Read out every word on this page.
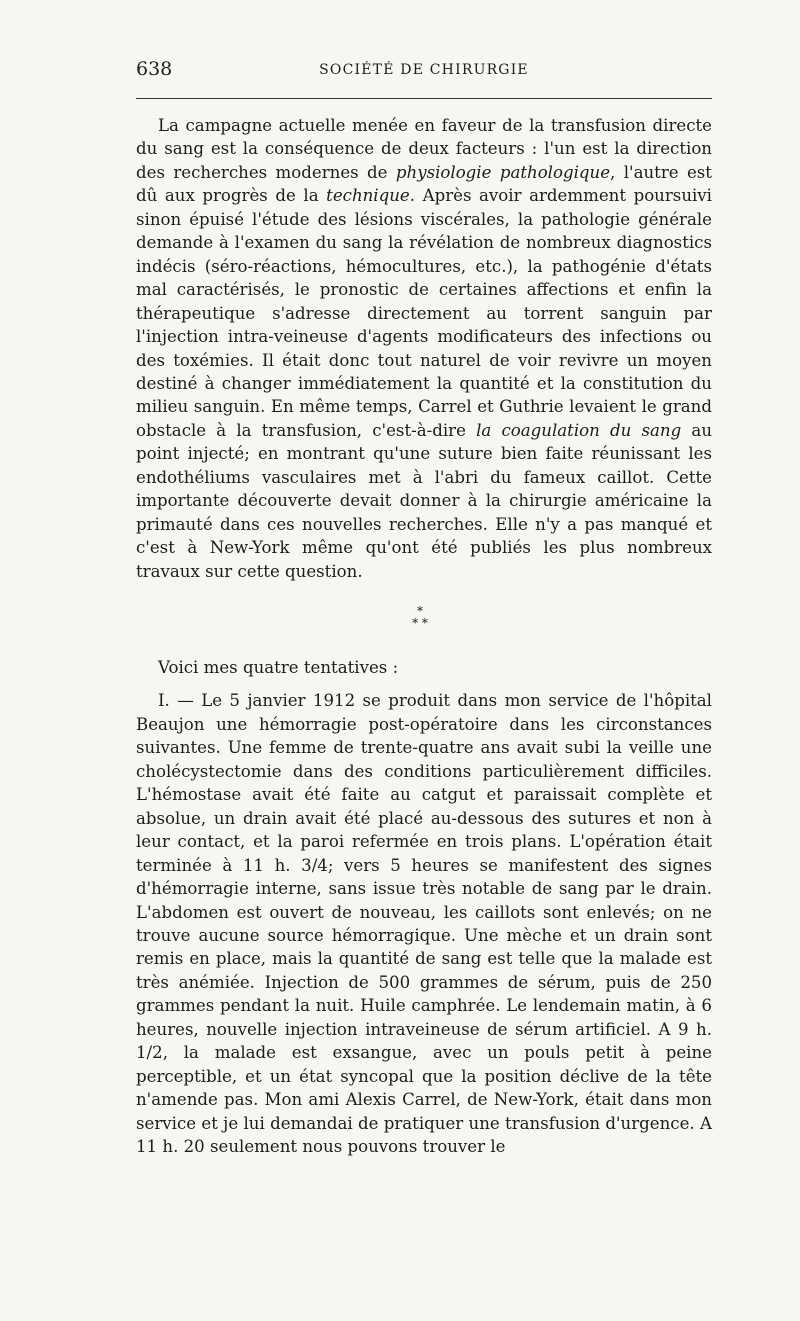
638	SOCIÉTÉ DE CHIRURGIE

La campagne actuelle menée en faveur de la transfusion directe du sang est la conséquence de deux facteurs : l'un est la direction des recherches modernes de physiologie pathologique, l'autre est dû aux progrès de la technique. Après avoir ardemment poursuivi sinon épuisé l'étude des lésions viscérales, la pathologie générale demande à l'examen du sang la révélation de nombreux diagnostics indécis (séro-réactions, hémocultures, etc.), la pathogénie d'états mal caractérisés, le pronostic de certaines affections et enfin la thérapeutique s'adresse directement au torrent sanguin par l'injection intra-veineuse d'agents modificateurs des infections ou des toxémies. Il était donc tout naturel de voir revivre un moyen destiné à changer immédiatement la quantité et la constitution du milieu sanguin. En même temps, Carrel et Guthrie levaient le grand obstacle à la transfusion, c'est-à-dire la coagulation du sang au point injecté; en montrant qu'une suture bien faite réunissant les endothéliums vasculaires met à l'abri du fameux caillot. Cette importante découverte devait donner à la chirurgie américaine la primauté dans ces nouvelles recherches. Elle n'y a pas manqué et c'est à New-York même qu'ont été publiés les plus nombreux travaux sur cette question.

*
* *

Voici mes quatre tentatives :

I. — Le 5 janvier 1912 se produit dans mon service de l'hôpital Beaujon une hémorragie post-opératoire dans les circonstances suivantes. Une femme de trente-quatre ans avait subi la veille une cholécystectomie dans des conditions particulièrement difficiles. L'hémostase avait été faite au catgut et paraissait complète et absolue, un drain avait été placé au-dessous des sutures et non à leur contact, et la paroi refermée en trois plans. L'opération était terminée à 11 h. 3/4; vers 5 heures se manifestent des signes d'hémorragie interne, sans issue très notable de sang par le drain. L'abdomen est ouvert de nouveau, les caillots sont enlevés; on ne trouve aucune source hémorragique. Une mèche et un drain sont remis en place, mais la quantité de sang est telle que la malade est très anémiée. Injection de 500 grammes de sérum, puis de 250 grammes pendant la nuit. Huile camphrée. Le lendemain matin, à 6 heures, nouvelle injection intraveineuse de sérum artificiel. A 9 h. 1/2, la malade est exsangue, avec un pouls petit à peine perceptible, et un état syncopal que la position déclive de la tête n'amende pas. Mon ami Alexis Carrel, de New-York, était dans mon service et je lui demandai de pratiquer une transfusion d'urgence. A 11 h. 20 seulement nous pouvons trouver le
